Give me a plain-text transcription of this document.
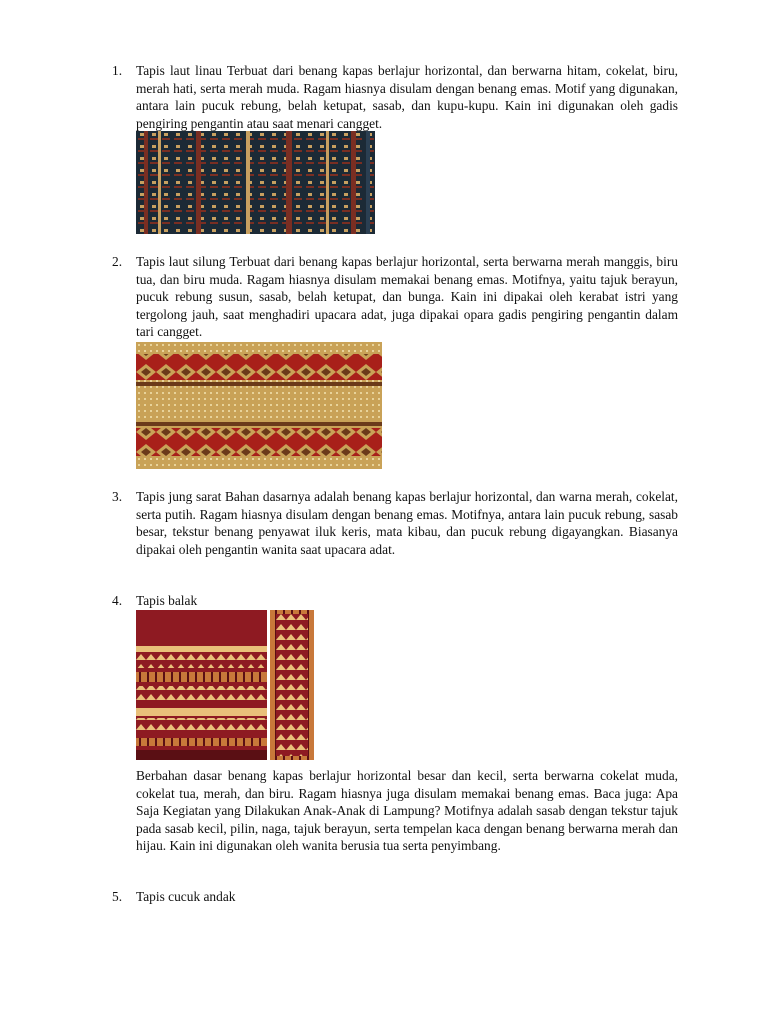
1.	Tapis laut linau Terbuat dari benang kapas berlajur horizontal, dan berwarna hitam, cokelat, biru, merah hati, serta merah muda. Ragam hiasnya disulam dengan benang emas. Motif yang digunakan, antara lain pucuk rebung, belah ketupat, sasab, dan kupu-kupu. Kain ini digunakan oleh gadis pengiring pengantin atau saat menari cangget.
2.	Tapis laut silung Terbuat dari benang kapas berlajur horizontal, serta berwarna merah manggis, biru tua, dan biru muda. Ragam hiasnya disulam memakai benang emas. Motifnya, yaitu tajuk berayun, pucuk rebung susun, sasab, belah ketupat, dan bunga. Kain ini dipakai oleh kerabat istri yang tergolong jauh, saat menghadiri upacara adat, juga dipakai opara gadis pengiring pengantin dalam tari cangget.
3.	Tapis jung sarat Bahan dasarnya adalah benang kapas berlajur horizontal, dan warna merah, cokelat, serta putih. Ragam hiasnya disulam dengan benang emas. Motifnya, antara lain pucuk rebung, sasab besar, tekstur benang penyawat iluk keris, mata kibau, dan pucuk rebung digayangkan. Biasanya dipakai oleh pengantin wanita saat upacara adat.
4.	Tapis balak
Berbahan dasar benang kapas berlajur horizontal besar dan kecil, serta berwarna cokelat muda, cokelat tua, merah, dan biru. Ragam hiasnya juga disulam memakai benang emas. Baca juga: Apa Saja Kegiatan yang Dilakukan Anak-Anak di Lampung? Motifnya adalah sasab dengan tekstur tajuk pada sasab kecil, pilin, naga, tajuk berayun, serta tempelan kaca dengan benang berwarna merah dan hijau. Kain ini digunakan oleh wanita berusia tua serta penyimbang.
5.	Tapis cucuk andak
